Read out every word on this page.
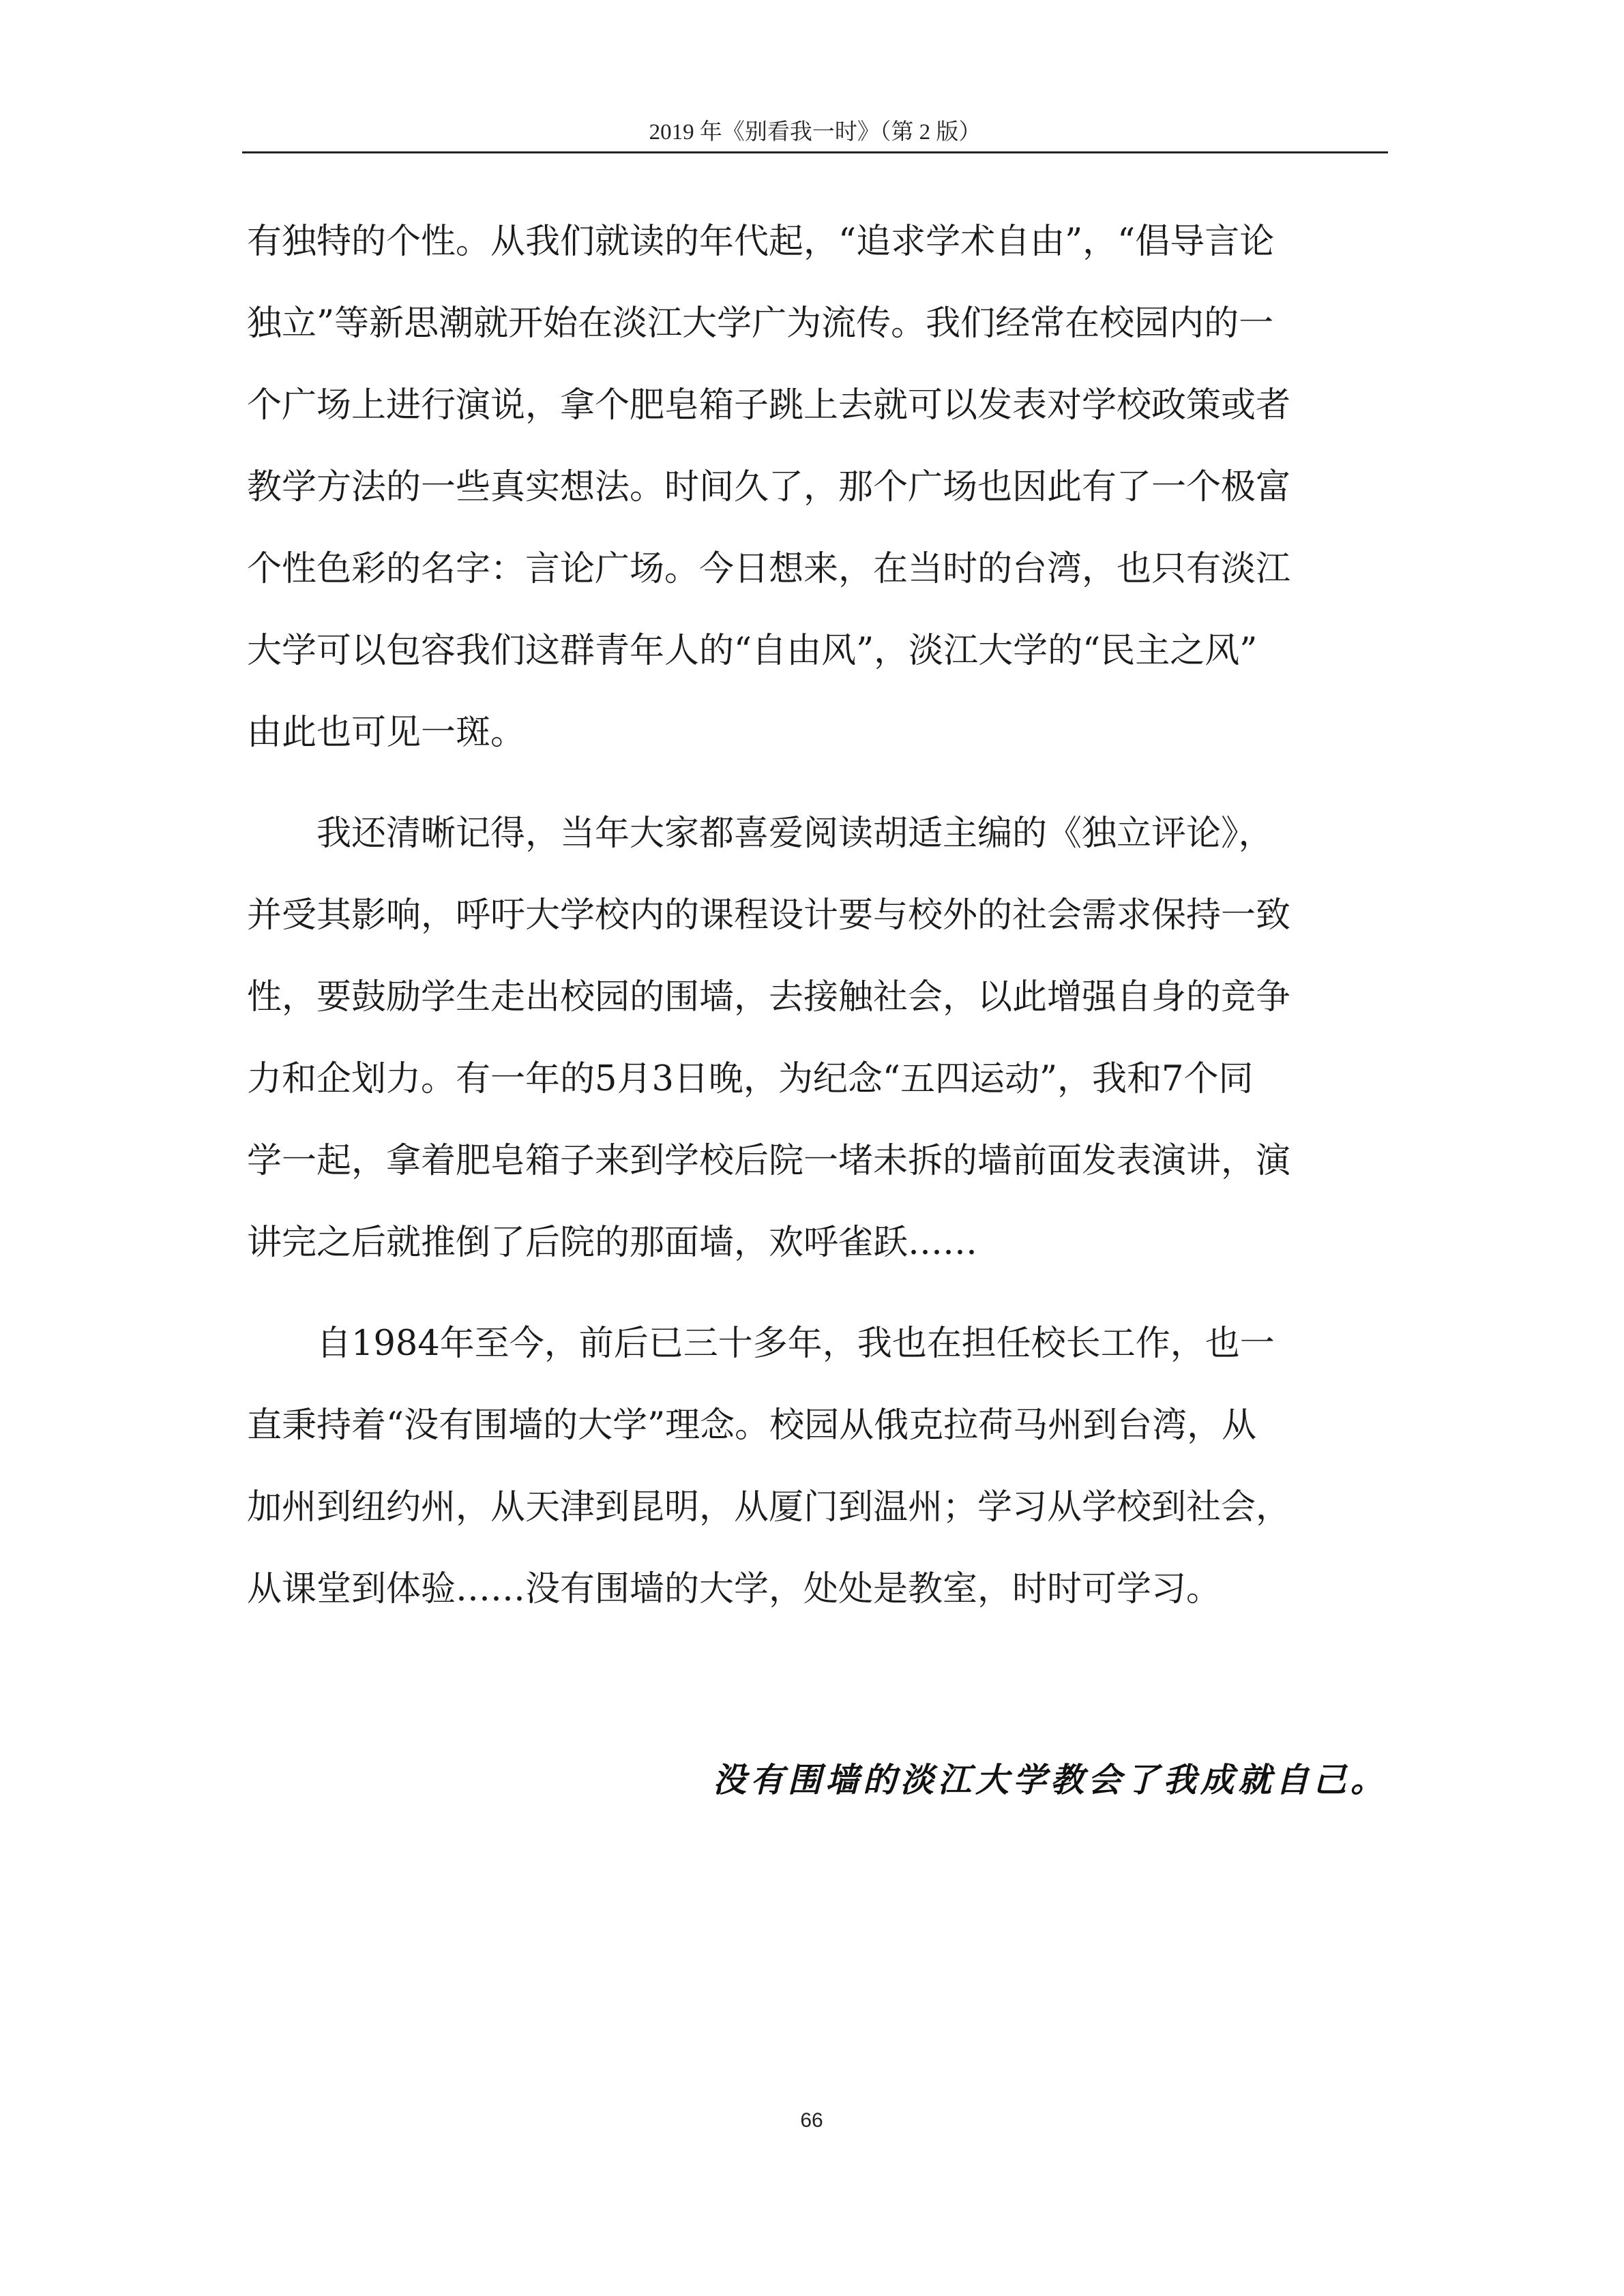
2019 年《别看我一时》（第 2 版）
有独特的个性。从我们就读的年代起，“追求学术自由”，“倡导言论
独立”等新思潮就开始在淡江大学广为流传。我们经常在校园内的一
个广场上进行演说，拿个肥皂箱子跳上去就可以发表对学校政策或者
教学方法的一些真实想法。时间久了，那个广场也因此有了一个极富
个性色彩的名字：言论广场。今日想来，在当时的台湾，也只有淡江
大学可以包容我们这群青年人的“自由风”，淡江大学的“民主之风”
由此也可见一斑。
我还清晰记得，当年大家都喜爱阅读胡适主编的《独立评论》，
并受其影响，呼吁大学校内的课程设计要与校外的社会需求保持一致
性，要鼓励学生走出校园的围墙，去接触社会，以此增强自身的竞争
力和企划力。有一年的5月3日晚，为纪念“五四运动”，我和7个同
学一起，拿着肥皂箱子来到学校后院一堵未拆的墙前面发表演讲，演
讲完之后就推倒了后院的那面墙，欢呼雀跃……
自1984年至今，前后已三十多年，我也在担任校长工作，也一
直秉持着“没有围墙的大学”理念。校园从俄克拉荷马州到台湾，从
加州到纽约州，从天津到昆明，从厦门到温州；学习从学校到社会，
从课堂到体验……没有围墙的大学，处处是教室，时时可学习。
没有围墙的淡江大学教会了我成就自己。
66
